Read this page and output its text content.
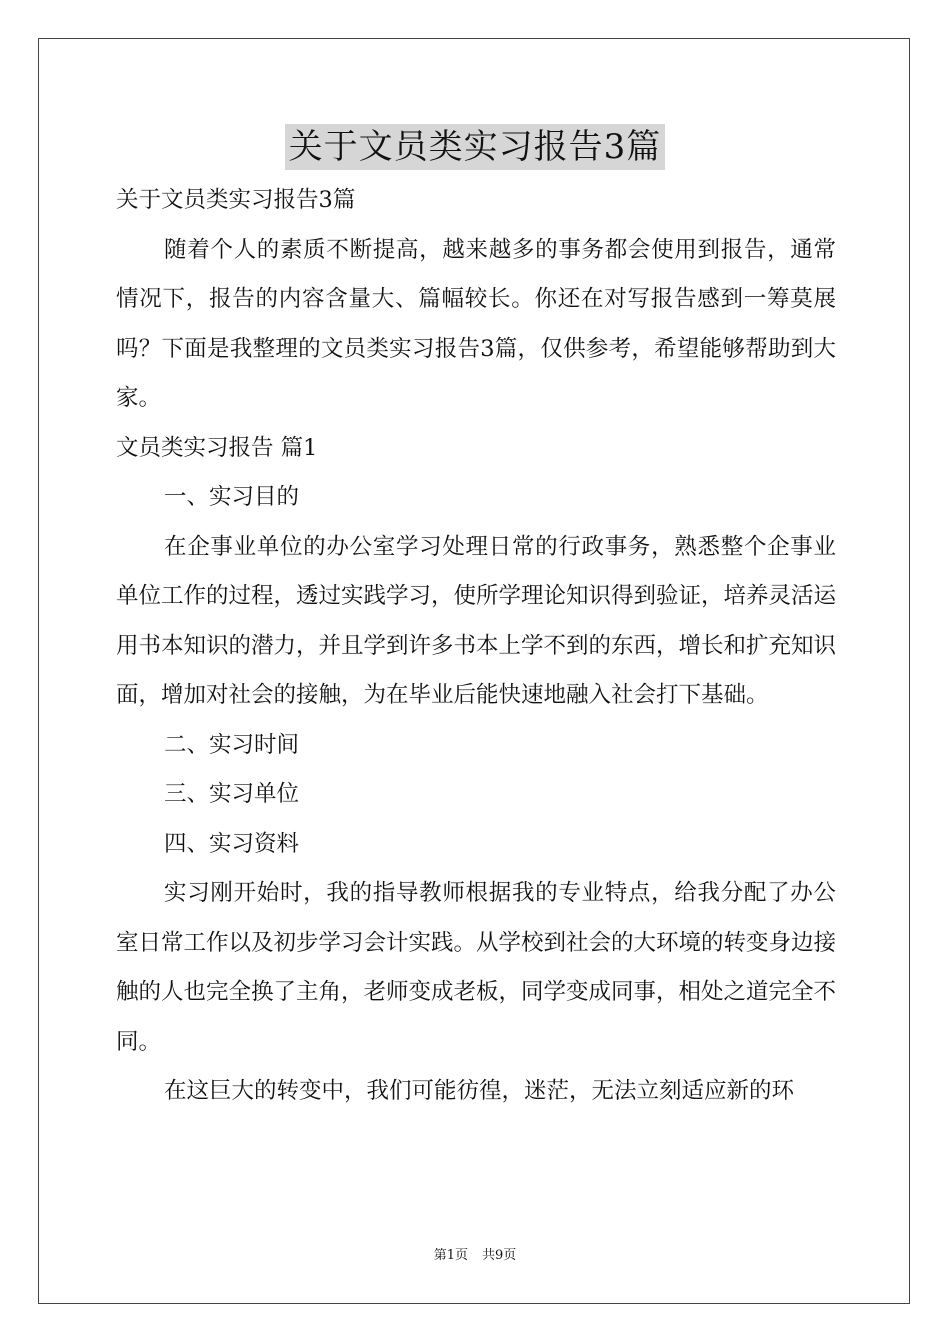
关于文员类实习报告3篇

关于文员类实习报告3篇

随着个人的素质不断提高，越来越多的事务都会使用到报告，通常情况下，报告的内容含量大、篇幅较长。你还在对写报告感到一筹莫展吗？下面是我整理的文员类实习报告3篇，仅供参考，希望能够帮助到大家。

文员类实习报告 篇1

一、实习目的

在企事业单位的办公室学习处理日常的行政事务，熟悉整个企事业单位工作的过程，透过实践学习，使所学理论知识得到验证，培养灵活运用书本知识的潜力，并且学到许多书本上学不到的东西，增长和扩充知识面，增加对社会的接触，为在毕业后能快速地融入社会打下基础。

二、实习时间

三、实习单位

四、实习资料

实习刚开始时，我的指导教师根据我的专业特点，给我分配了办公室日常工作以及初步学习会计实践。从学校到社会的大环境的转变身边接触的人也完全换了主角，老师变成老板，同学变成同事，相处之道完全不同。

在这巨大的转变中，我们可能彷徨，迷茫，无法立刻适应新的环

第1页 共9页
